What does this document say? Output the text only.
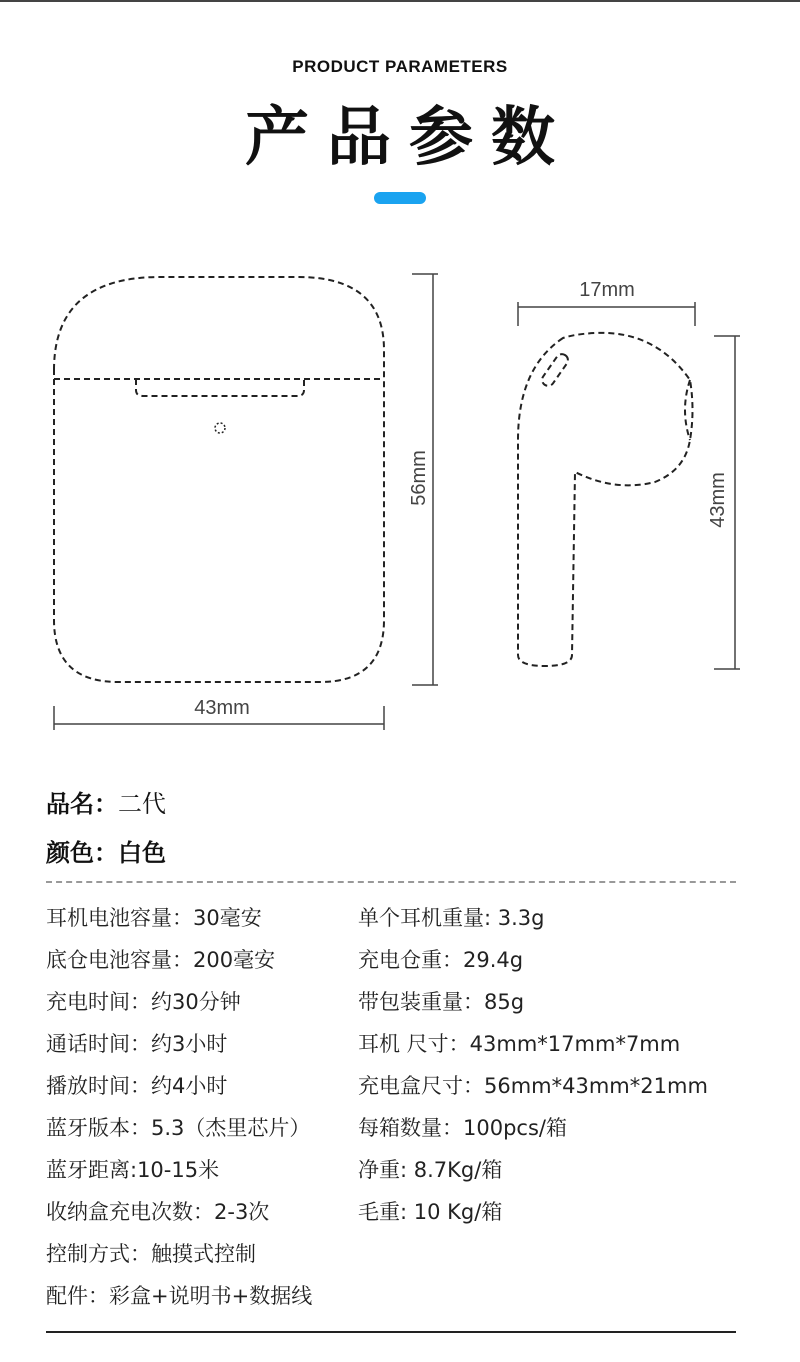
PRODUCT PARAMETERS
产品参数
56mm
43mm
17mm
43mm
品名：二代
颜色：白色
耳机电池容量：30毫安
底仓电池容量：200毫安
充电时间：约30分钟
通话时间：约3小时
播放时间：约4小时
蓝牙版本：5.3（杰里芯片）
蓝牙距离:10-15米
收纳盒充电次数：2-3次
控制方式：触摸式控制
配件：彩盒+说明书+数据线
单个耳机重量: 3.3g
充电仓重：29.4g
带包装重量：85g
耳机 尺寸：43mm*17mm*7mm
充电盒尺寸：56mm*43mm*21mm
每箱数量：100pcs/箱
净重: 8.7Kg/箱
毛重: 10 Kg/箱
